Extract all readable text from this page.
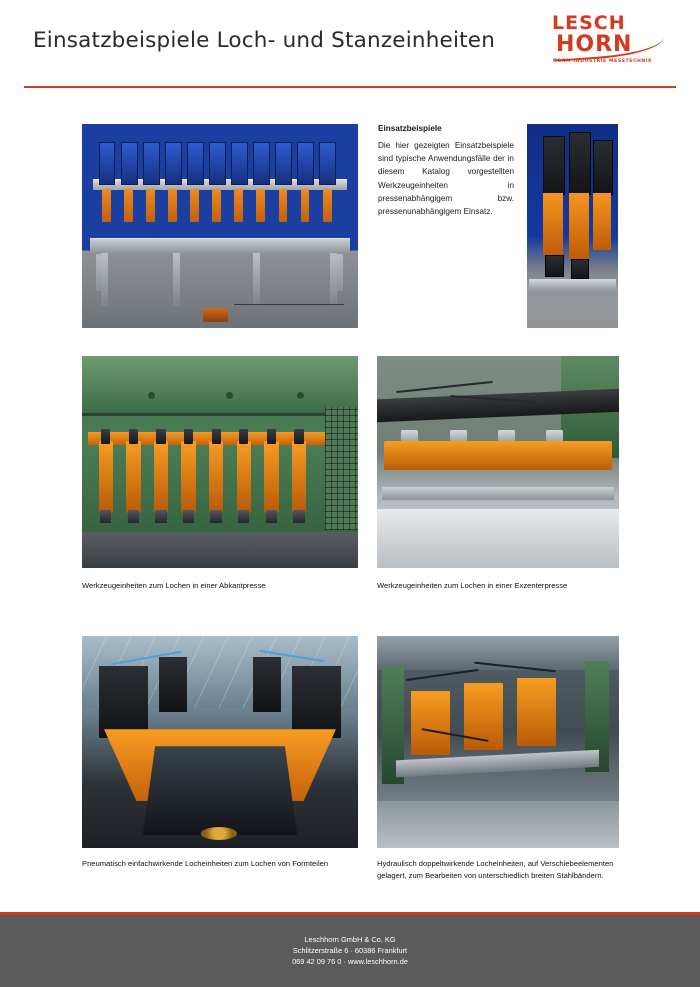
Einsatzbeispiele Loch- und Stanzeinheiten
LESCH
HORN
NORM INDUSTRIE MESSTECHNIK
Einsatzbeispiele
Die hier gezeigten Einsatzbeispiele sind typische Anwendungsfälle der in diesem Katalog vorgestellten Werkzeugeinheiten in pressenabhängigem bzw. pressenunabhängigem Einsatz.
Werkzeugeinheiten zum Lochen in einer Abkantpresse	Werkzeugeinheiten zum Lochen in einer Exzenterpresse
Pneumatisch einfachwirkende Locheinheiten zum Lochen von Formteilen	Hydraulisch doppeltwirkende Locheinheiten, auf Verschiebeelementen gelagert, zum Bearbeiten von unterschiedlich breiten Stahlbändern.
Leschhorn GmbH & Co. KG
Schlitzerstraße 6 · 60386 Frankfurt
069 42 09 76 0 · www.leschhorn.de
